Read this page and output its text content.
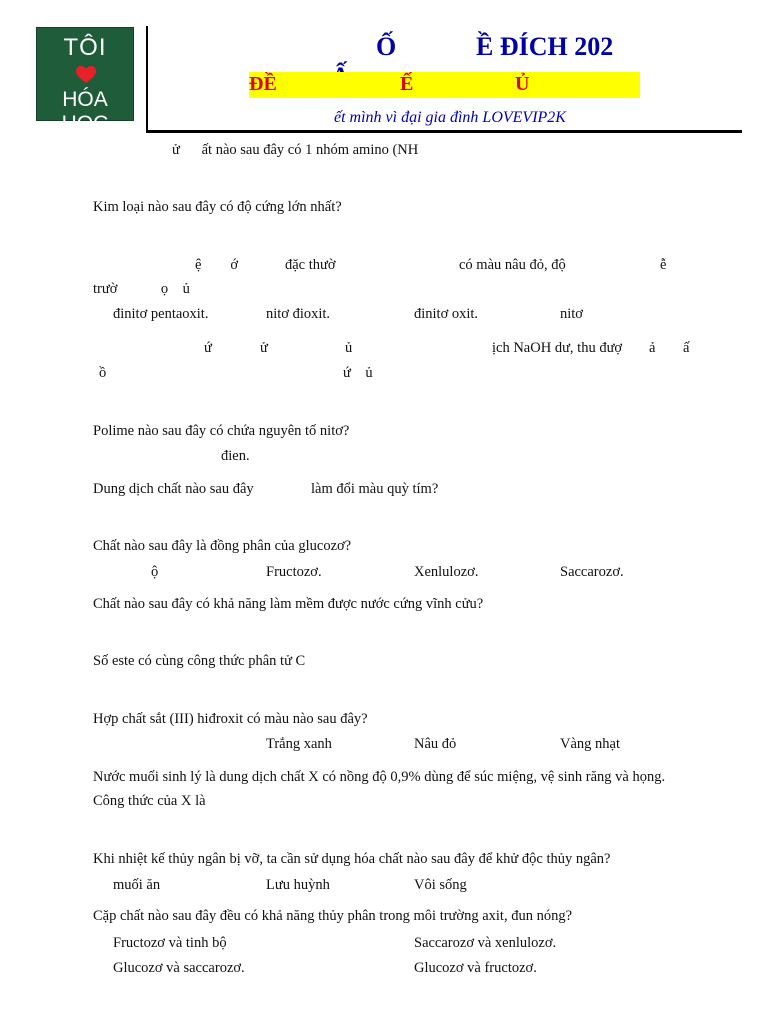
TÔI
HÓA HỌC

Ố

	Ề ĐÍCH 202

ĐỀ	Ế	Ủ
ết mình vì đại gia đình LOVEVIP2K
ử      ất nào sau đây có 1 nhóm amino (NH
Kim loại nào sau đây có độ cứng lớn nhất?
ệ        ớ	đặc thườ	có màu nâu đỏ, độ	ễ
trườ            ọ    ủ
đinitơ pentaoxit.	nitơ đioxit.	đinitơ oxit.	nitơ
ứ	ử	ủ	ịch NaOH dư, thu đượ ả ấ
ồ	ứ    ủ
Polime nào sau đây có chứa nguyên tố nitơ?
đien.
Dung dịch chất nào sau đây	làm đổi màu quỳ tím?
Chất nào sau đây là đồng phân của glucozơ?
ộ	Fructozơ.	Xenlulozơ.	Saccarozơ.
Chất nào sau đây có khả năng làm mềm được nước cứng vĩnh cửu?
Số este có cùng công thức phân tử C
Hợp chất sắt (III) hiđroxit có màu nào sau đây?
Trắng xanh	Nâu đỏ	Vàng nhạt
Nước muối sinh lý là dung dịch chất X có nồng độ 0,9% dùng để súc miệng, vệ sinh răng và họng.
Công thức của X là
Khi nhiệt kế thủy ngân bị vỡ, ta cần sử dụng hóa chất nào sau đây để khử độc thủy ngân?
muối ăn	Lưu huỳnh	Vôi sống
Cặp chất nào sau đây đều có khả năng thủy phân trong môi trường axit, đun nóng?
Fructozơ và tinh bộ	Saccarozơ và xenlulozơ.
Glucozơ và saccarozơ.	Glucozơ và fructozơ.
